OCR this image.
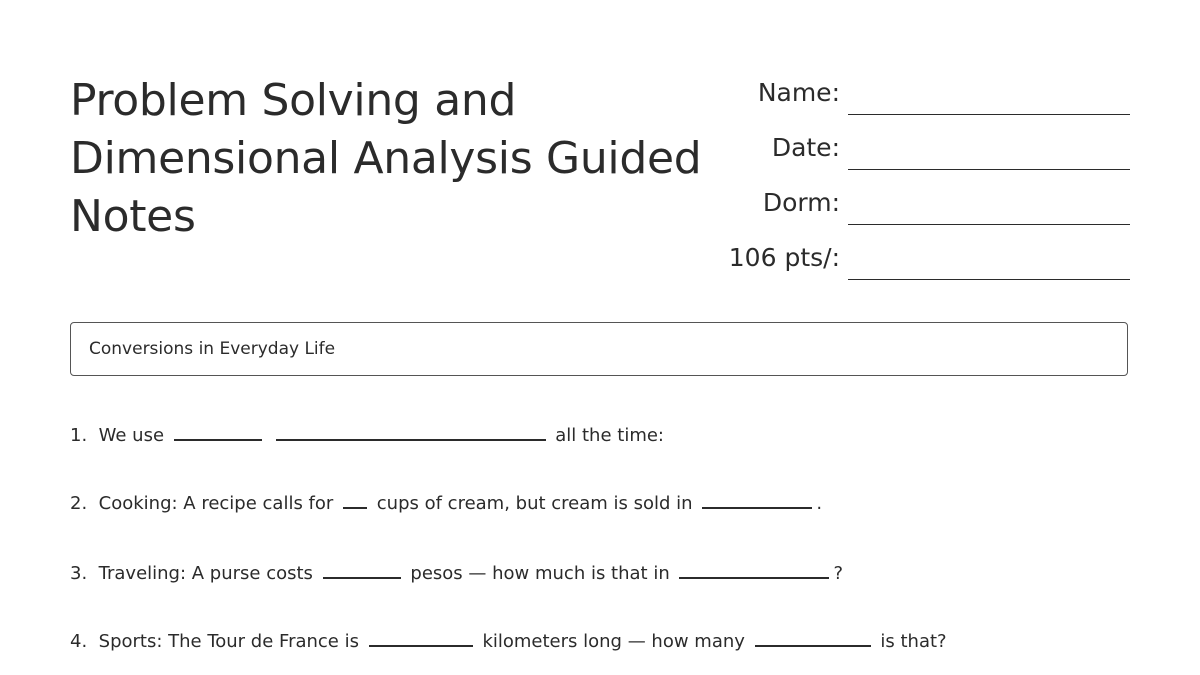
Problem Solving and
Dimensional Analysis Guided
Notes
Name:
Date:
Dorm:
106 pts/:
Conversions in Everyday Life
1. We use	all the time:
2. Cooking: A recipe calls for cups of cream, but cream is sold in	.
3. Traveling: A purse costs	pesos — how much is that in	?
4. Sports: The Tour de France is	kilometers long — how many	is that?
